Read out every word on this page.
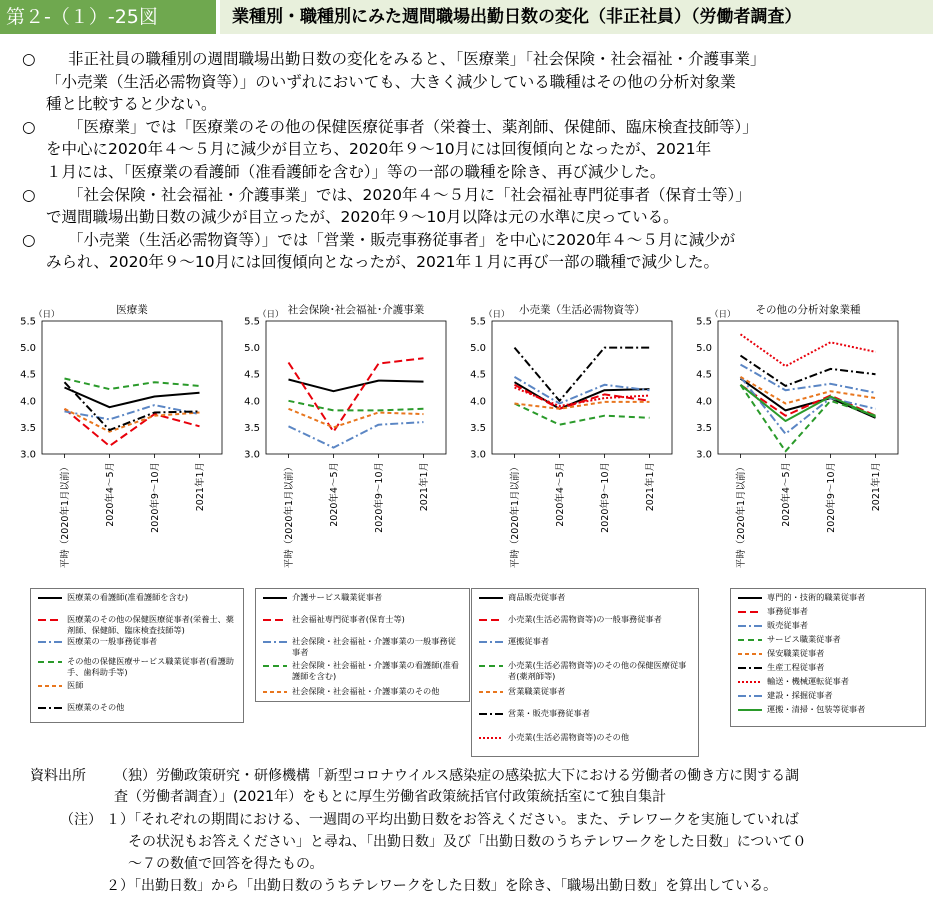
第２-（１）-25図	業種別・職種別にみた週間職場出勤日数の変化（非正社員）（労働者調査）
○ 非正社員の職種別の週間職場出勤日数の変化をみると、「医療業」「社会保険・社会福祉・介護事業」
「小売業（生活必需物資等）」のいずれにおいても、大きく減少している職種はその他の分析対象業
種と比較すると少ない。
○ 「医療業」では「医療業のその他の保健医療従事者（栄養士、薬剤師、保健師、臨床検査技師等）」
を中心に2020年４～５月に減少が目立ち、2020年９～10月には回復傾向となったが、2021年
１月には、「医療業の看護師（准看護師を含む）」等の一部の職種を除き、再び減少した。
○ 「社会保険・社会福祉・介護事業」では、2020年４～５月に「社会福祉専門従事者（保育士等）」
で週間職場出勤日数の減少が目立ったが、2020年９～10月以降は元の水準に戻っている。
○ 「小売業（生活必需物資等）」では「営業・販売事務従事者」を中心に2020年４～５月に減少が
みられ、2020年９～10月には回復傾向となったが、2021年１月に再び一部の職種で減少した。
医療業
（日）
3.0
3.5
4.0
4.5
5.0
5.5
平時（2020年1月以前）	2020年4～5月	2020年9～10月	2021年1月
社会保険･社会福祉･介護事業
（日）
3.0
3.5
4.0
4.5
5.0
5.5
平時（2020年1月以前）	2020年4～5月	2020年9～10月	2021年1月
小売業（生活必需物資等）
（日）
3.0
3.5
4.0
4.5
5.0
5.5
平時（2020年1月以前）	2020年4～5月	2020年9～10月	2021年1月
その他の分析対象業種
（日）
3.0
3.5
4.0
4.5
5.0
5.5
平時（2020年1月以前）	2020年4～5月	2020年9～10月	2021年1月
医療業の看護師(准看護師を含む)
医療業のその他の保健医療従事者(栄養士、薬剤師、保健師、臨床検査技師等)
医療業の一般事務従事者
その他の保健医療サービス職業従事者(看護助手、歯科助手等)
医師
医療業のその他
介護サービス職業従事者
社会福祉専門従事者(保育士等)
社会保険・社会福祉・介護事業の一般事務従事者
社会保険・社会福祉・介護事業の看護師(准看護師を含む)
社会保険・社会福祉・介護事業のその他
商品販売従事者
小売業(生活必需物資等)の一般事務従事者
運搬従事者
小売業(生活必需物資等)のその他の保健医療従事者(薬剤師等)
営業職業従事者
営業・販売事務従事者
小売業(生活必需物資等)のその他
専門的・技術的職業従事者
事務従事者
販売従事者
サービス職業従事者
保安職業従事者
生産工程従事者
輸送・機械運転従事者
建設・採掘従事者
運搬・清掃・包装等従事者
資料出所 （独）労働政策研究・研修機構「新型コロナウイルス感染症の感染拡大下における労働者の働き方に関する調
査（労働者調査）」(2021年）をもとに厚生労働省政策統括官付政策統括室にて独自集計
（注） １）「それぞれの期間における、一週間の平均出勤日数をお答えください。また、テレワークを実施していれば
その状況もお答えください」と尋ね、「出勤日数」及び「出勤日数のうちテレワークをした日数」について０
～７の数値で回答を得たもの。
２）「出勤日数」から「出勤日数のうちテレワークをした日数」を除き、「職場出勤日数」を算出している。
